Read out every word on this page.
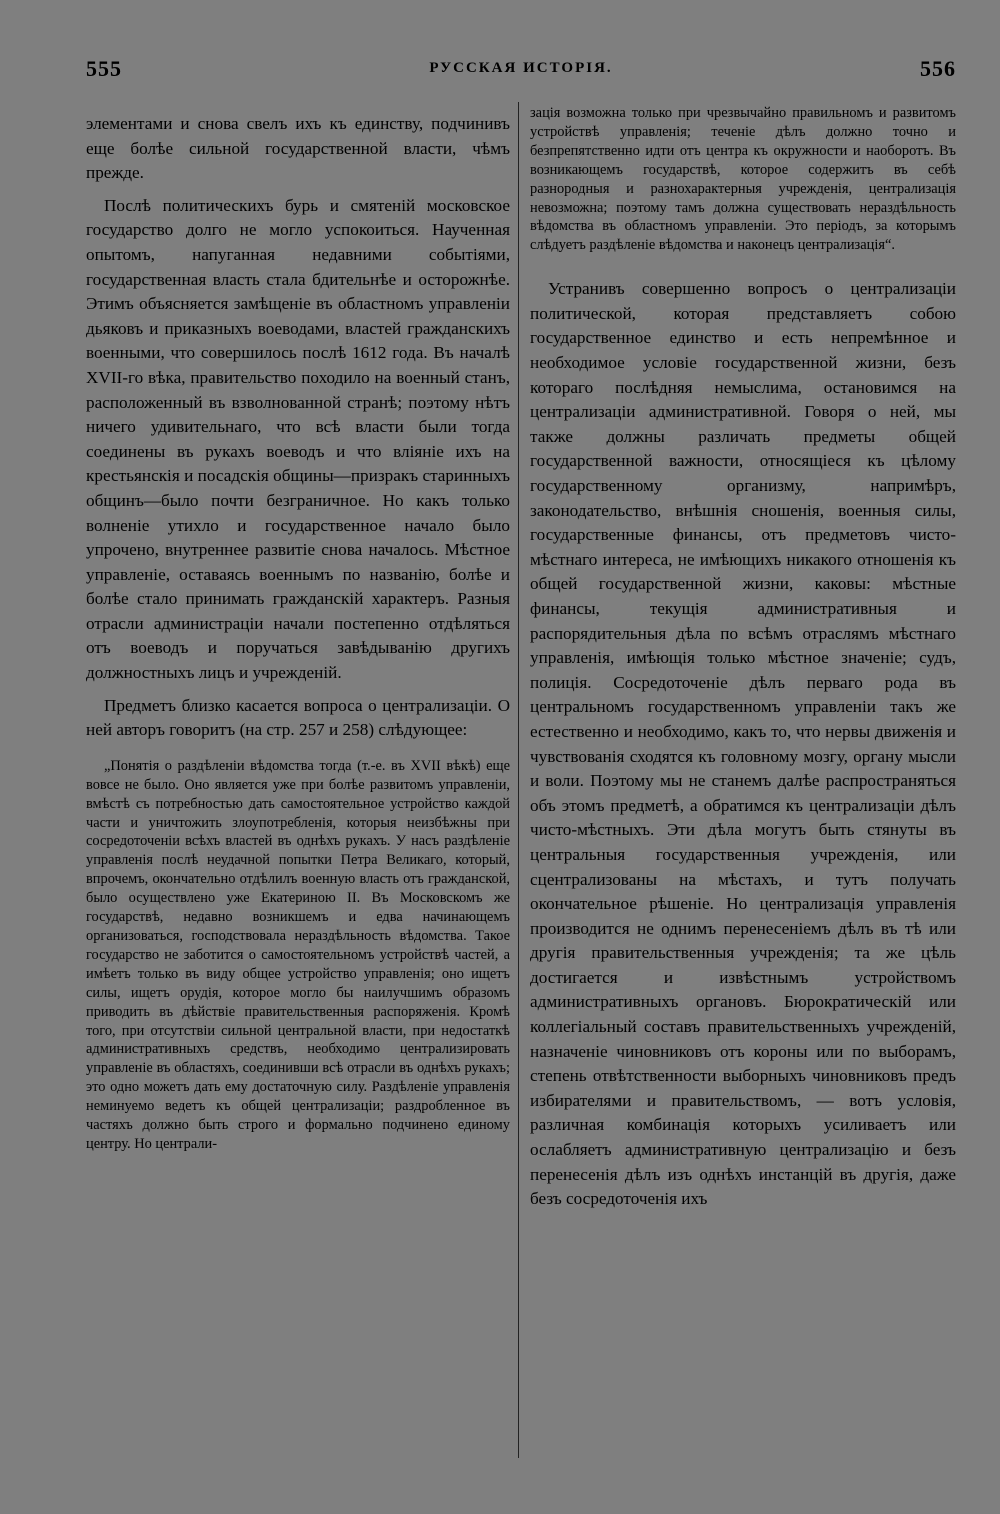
555	РУССКАЯ ИСТОРІЯ.	556

элементами и снова свелъ ихъ къ единству, подчинивъ еще болѣе сильной государственной власти, чѣмъ прежде.

Послѣ политическихъ бурь и смятеній московское государство долго не могло успокоиться. Наученная опытомъ, напуганная недавними событіями, государственная власть стала бдительнѣе и осторожнѣе. Этимъ объясняется замѣщеніе въ областномъ управленіи дьяковъ и приказныхъ воеводами, властей гражданскихъ военными, что совершилось послѣ 1612 года. Въ началѣ XVII-го вѣка, правительство походило на военный станъ, расположенный въ взволнованной странѣ; поэтому нѣтъ ничего удивительнаго, что всѣ власти были тогда соединены въ рукахъ воеводъ и что вліяніе ихъ на крестьянскія и посадскія общины—призракъ старинныхъ общинъ—было почти безграничное. Но какъ только волненіе утихло и государственное начало было упрочено, внутреннее развитіе снова началось. Мѣстное управленіе, оставаясь военнымъ по названію, болѣе и болѣе стало принимать гражданскій характеръ. Разныя отрасли администраціи начали постепенно отдѣляться отъ воеводъ и поручаться завѣдыванію другихъ должностныхъ лицъ и учрежденій.

Предметъ близко касается вопроса о централизаціи. О ней авторъ говоритъ (на стр. 257 и 258) слѣдующее:

„Понятія о раздѣленіи вѣдомства тогда (т.-е. въ XVII вѣкѣ) еще вовсе не было. Оно является уже при болѣе развитомъ управленіи, вмѣстѣ съ потребностью дать самостоятельное устройство каждой части и уничтожить злоупотребленія, которыя неизбѣжны при сосредоточеніи всѣхъ властей въ однѣхъ рукахъ. У насъ раздѣленіе управленія послѣ неудачной попытки Петра Великаго, который, впрочемъ, окончательно отдѣлилъ военную власть отъ гражданской, было осуществлено уже Екатериною II. Въ Московскомъ же государствѣ, недавно возникшемъ и едва начинающемъ организоваться, господствовала нераздѣльность вѣдомства. Такое государство не заботится о самостоятельномъ устройствѣ частей, а имѣетъ только въ виду общее устройство управленія; оно ищетъ силы, ищетъ орудія, которое могло бы наилучшимъ образомъ приводить въ дѣйствіе правительственныя распоряженія. Кромѣ того, при отсутствіи сильной центральной власти, при недостаткѣ административныхъ средствъ, необходимо централизировать управленіе въ областяхъ, соединивши всѣ отрасли въ однѣхъ рукахъ; это одно можетъ дать ему достаточную силу. Раздѣленіе управленія неминуемо ведетъ къ общей централизаціи; раздробленное въ частяхъ должно быть строго и формально подчинено единому центру. Но централи-

зація возможна только при чрезвычайно правильномъ и развитомъ устройствѣ управленія; теченіе дѣлъ должно точно и безпрепятственно идти отъ центра къ окружности и наоборотъ. Въ возникающемъ государствѣ, которое содержитъ въ себѣ разнородныя и разнохарактерныя учрежденія, централизація невозможна; поэтому тамъ должна существовать нераздѣльность вѣдомства въ областномъ управленіи. Это періодъ, за которымъ слѣдуетъ раздѣленіе вѣдомства и наконецъ централизація“.

Устранивъ совершенно вопросъ о централизаціи политической, которая представляетъ собою государственное единство и есть непремѣнное и необходимое условіе государственной жизни, безъ котораго послѣдняя немыслима, остановимся на централизаціи административной. Говоря о ней, мы также должны различать предметы общей государственной важности, относящіеся къ цѣлому государственному организму, напримѣръ, законодательство, внѣшнія сношенія, военныя силы, государственные финансы, отъ предметовъ чисто-мѣстнаго интереса, не имѣющихъ никакого отношенія къ общей государственной жизни, каковы: мѣстные финансы, текущія административныя и распорядительныя дѣла по всѣмъ отраслямъ мѣстнаго управленія, имѣющія только мѣстное значеніе; судъ, полиція. Сосредоточеніе дѣлъ перваго рода въ центральномъ государственномъ управленіи такъ же естественно и необходимо, какъ то, что нервы движенія и чувствованія сходятся къ головному мозгу, органу мысли и воли. Поэтому мы не станемъ далѣе распространяться объ этомъ предметѣ, а обратимся къ централизаціи дѣлъ чисто-мѣстныхъ. Эти дѣла могутъ быть стянуты въ центральныя государственныя учрежденія, или сцентрализованы на мѣстахъ, и тутъ получать окончательное рѣшеніе. Но централизація управленія производится не однимъ перенесеніемъ дѣлъ въ тѣ или другія правительственныя учрежденія; та же цѣль достигается и извѣстнымъ устройствомъ административныхъ органовъ. Бюрократическій или коллегіальный составъ правительственныхъ учрежденій, назначеніе чиновниковъ отъ короны или по выборамъ, степень отвѣтственности выборныхъ чиновниковъ предъ избирателями и правительствомъ, — вотъ условія, различная комбинація которыхъ усиливаетъ или ослабляетъ административную централизацію и безъ перенесенія дѣлъ изъ однѣхъ инстанцій въ другія, даже безъ сосредоточенія ихъ
